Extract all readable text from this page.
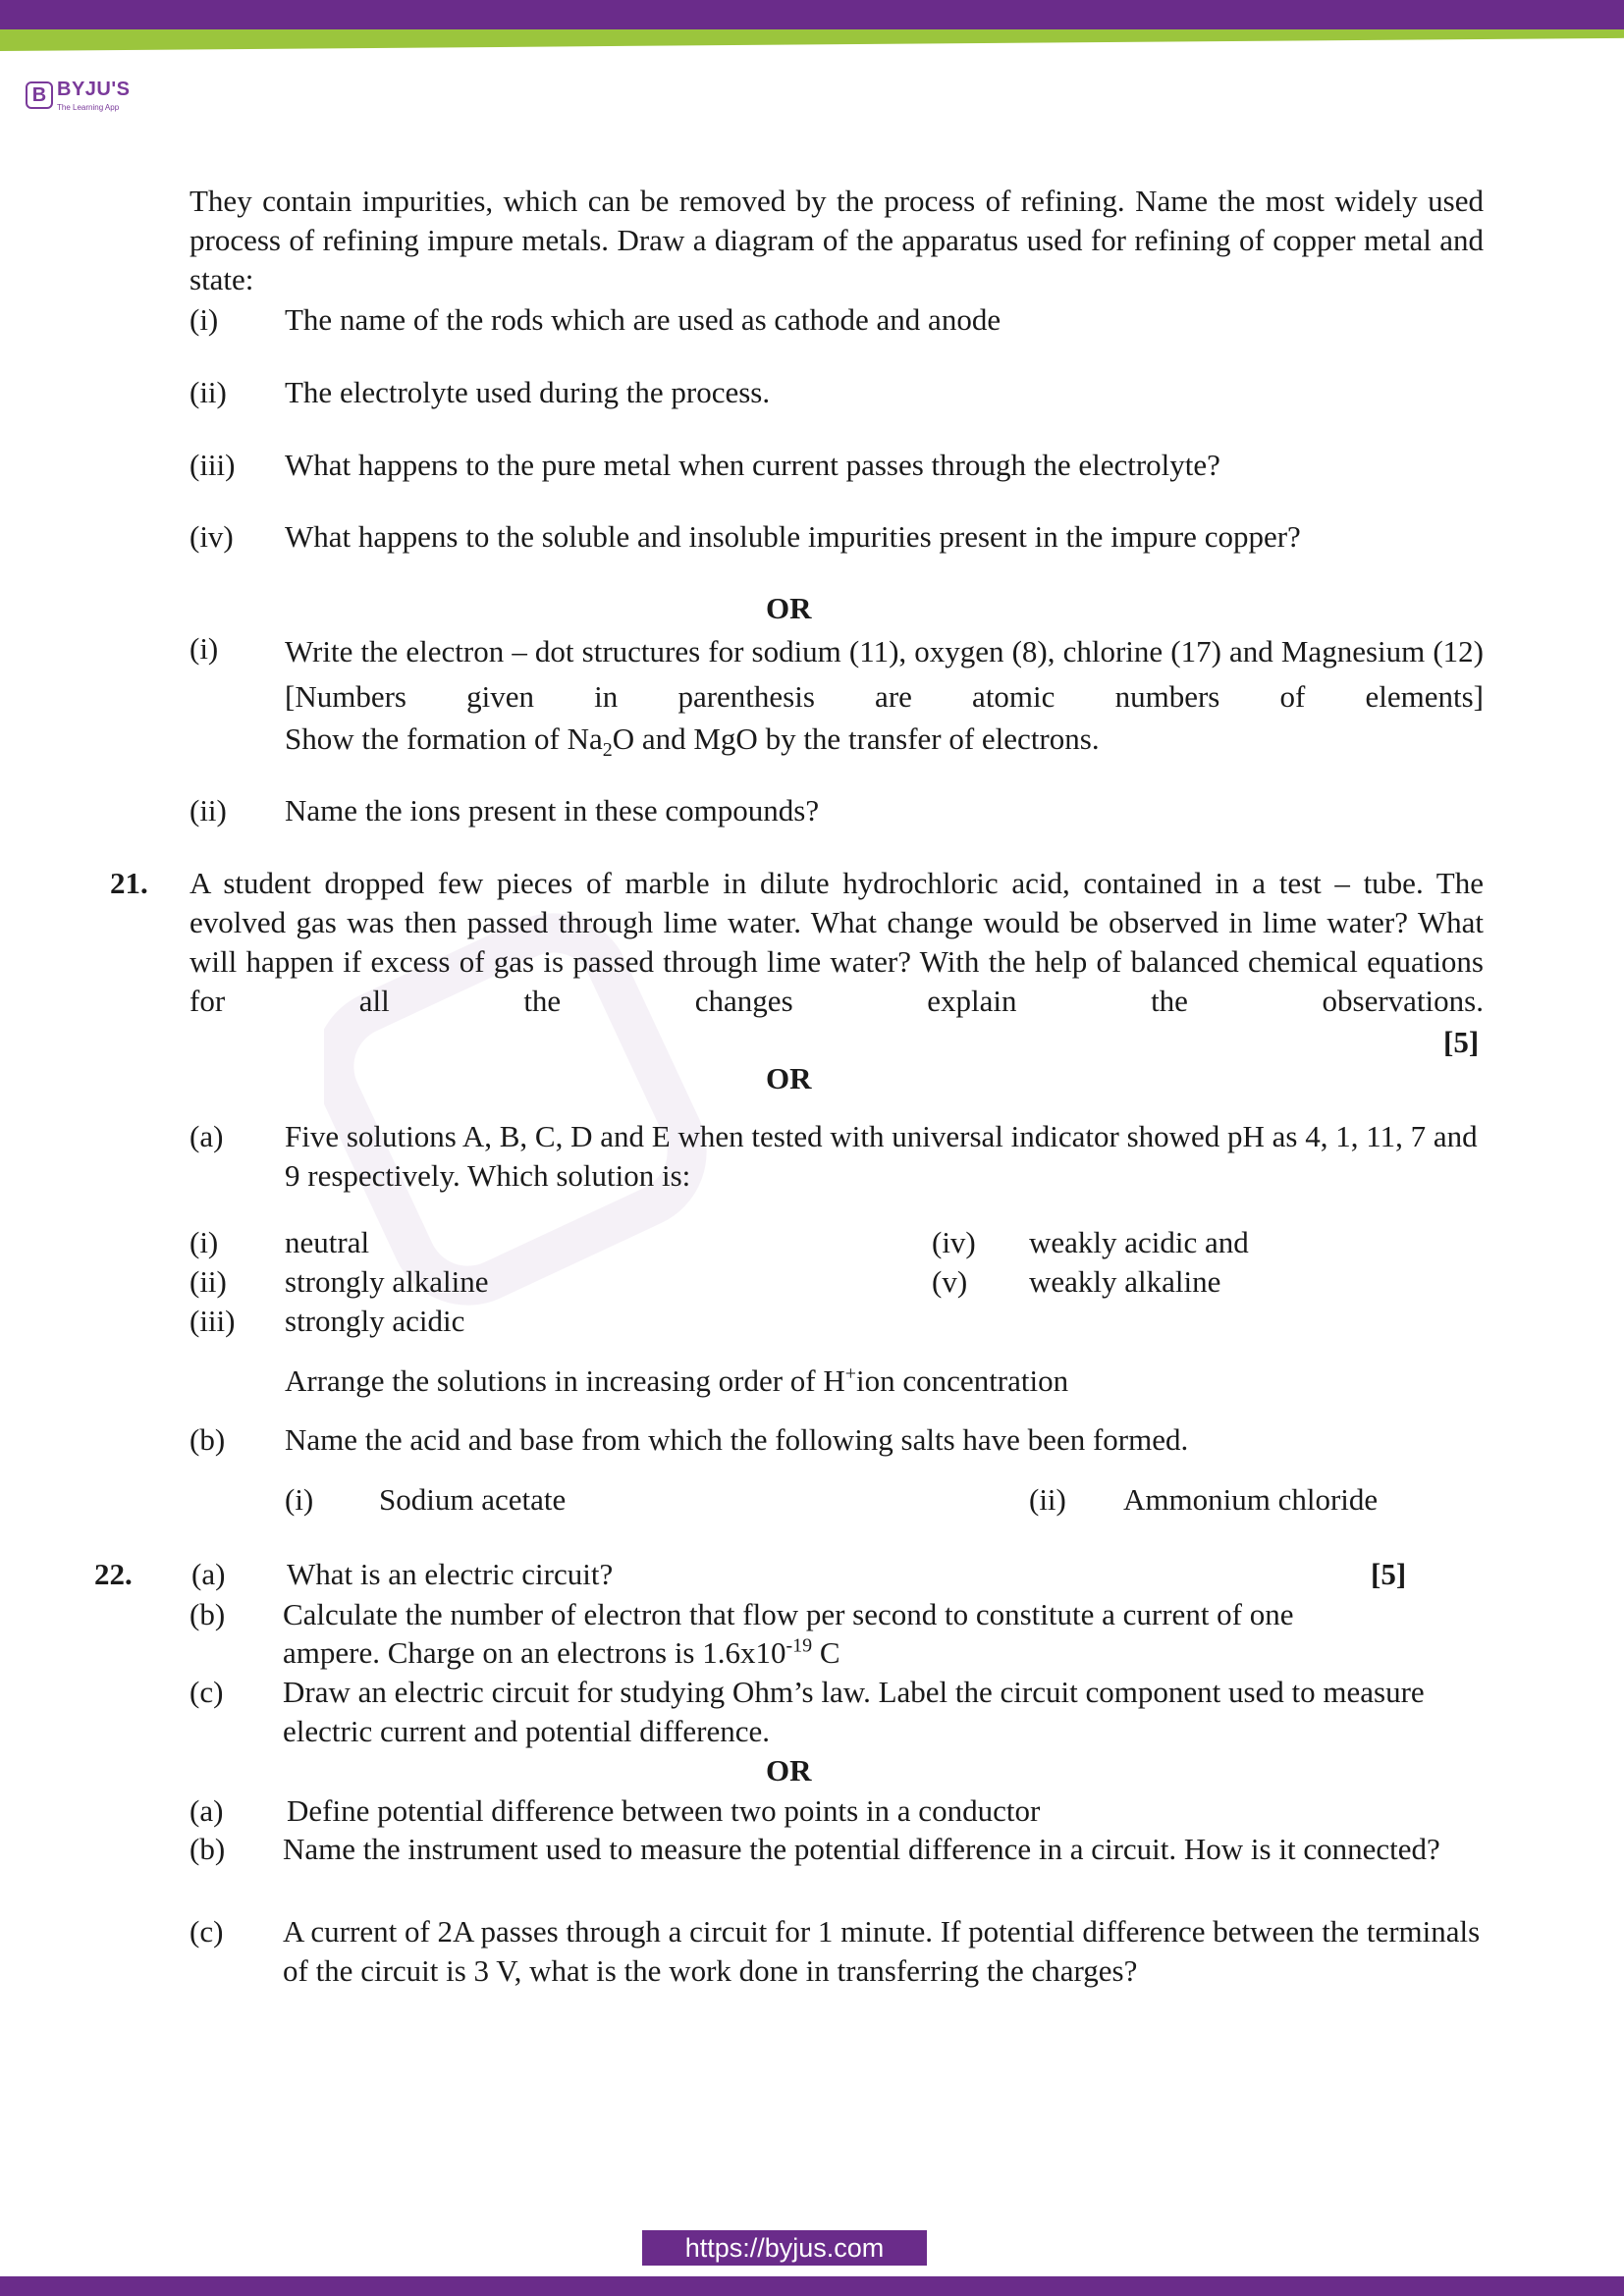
B BYJU'S
The Learning App
They contain impurities, which can be removed by the process of refining. Name the most widely used process of refining impure metals. Draw a diagram of the apparatus used for refining of copper metal and state:
(i) The name of the rods which are used as cathode and anode
(ii) The electrolyte used during the process.
(iii) What happens to the pure metal when current passes through the electrolyte?
(iv) What happens to the soluble and insoluble impurities present in the impure copper?
OR
(i) Write the electron – dot structures for sodium (11), oxygen (8), chlorine (17) and Magnesium (12) [Numbers given in parenthesis are atomic numbers of elements]
Show the formation of $Na_2O$ and MgO by the transfer of electrons.
(ii) Name the ions present in these compounds?
21. A student dropped few pieces of marble in dilute hydrochloric acid, contained in a test – tube. The evolved gas was then passed through lime water. What change would be observed in lime water? What will happen if excess of gas is passed through lime water? With the help of balanced chemical equations for all the changes explain the observations.
[5]
OR
(a) Five solutions A, B, C, D and E when tested with universal indicator showed pH as 4, 1, 11, 7 and 9 respectively. Which solution is:
(i) neutral
(ii) strongly alkaline
(iii) strongly acidic
(iv) weakly acidic and
(v) weakly alkaline
Arrange the solutions in increasing order of H+ion concentration
(b) Name the acid and base from which the following salts have been formed.
(i) Sodium acetate	(ii) Ammonium chloride
22. (a) What is an electric circuit?	[5]
(b) Calculate the number of electron that flow per second to constitute a current of one
ampere. Charge on an electrons is $1.6x10^{-19}$ C
(c) Draw an electric circuit for studying Ohm’s law. Label the circuit component used to measure electric current and potential difference.
OR
(a) Define potential difference between two points in a conductor
(b) Name the instrument used to measure the potential difference in a circuit. How is it connected?
(c) A current of 2A passes through a circuit for 1 minute. If potential difference between the terminals of the circuit is 3 V, what is the work done in transferring the charges?
https://byjus.com
